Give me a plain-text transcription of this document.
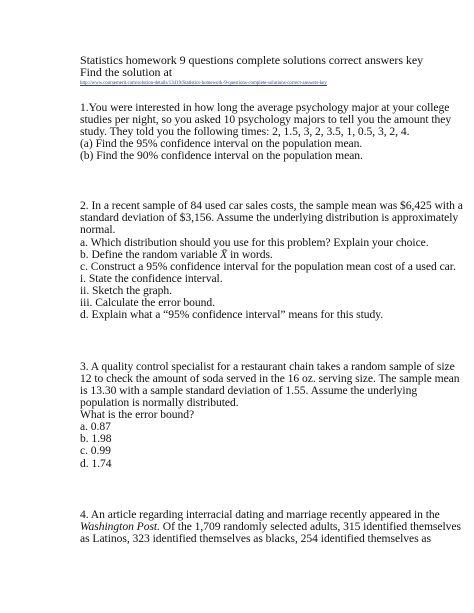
Statistics homework 9 questions complete solutions correct answers key

Find the solution at

http://www.coursemerit.com/solution-details/13419/Statistics-homework-9-questions-complete-solutions-correct-answers-key

1.You were interested in how long the average psychology major at your college

studies per night, so you asked 10 psychology majors to tell you the amount they

study. They told you the following times: 2, 1.5, 3, 2, 3.5, 1, 0.5, 3, 2, 4.

(a) Find the 95% confidence interval on the population mean.

(b) Find the 90% confidence interval on the population mean.

2. In a recent sample of 84 used car sales costs, the sample mean was $6,425 with a

standard deviation of $3,156. Assume the underlying distribution is approximately

normal.

a. Which distribution should you use for this problem? Explain your choice.

b. Define the random variable X̄ in words.

c. Construct a 95% confidence interval for the population mean cost of a used car.

i. State the confidence interval.

ii. Sketch the graph.

iii. Calculate the error bound.

d. Explain what a “95% confidence interval” means for this study.

3. A quality control specialist for a restaurant chain takes a random sample of size

12 to check the amount of soda served in the 16 oz. serving size. The sample mean

is 13.30 with a sample standard deviation of 1.55. Assume the underlying

population is normally distributed.

What is the error bound?

a. 0.87

b. 1.98

c. 0.99

d. 1.74

4. An article regarding interracial dating and marriage recently appeared in the

Washington Post. Of the 1,709 randomly selected adults, 315 identified themselves

as Latinos, 323 identified themselves as blacks, 254 identified themselves as
